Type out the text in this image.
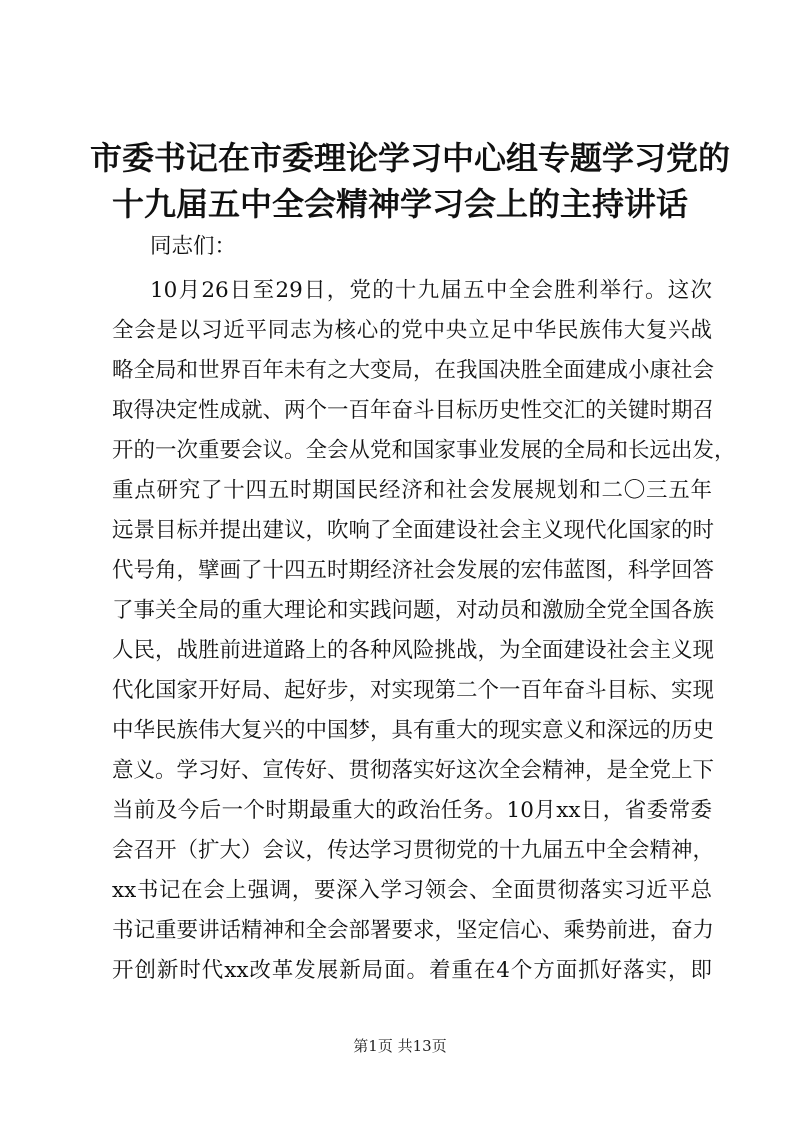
市委书记在市委理论学习中心组专题学习党的
十九届五中全会精神学习会上的主持讲话
同志们：
10月26日至29日，党的十九届五中全会胜利举行。这次
全会是以习近平同志为核心的党中央立足中华民族伟大复兴战
略全局和世界百年未有之大变局，在我国决胜全面建成小康社会
取得决定性成就、两个一百年奋斗目标历史性交汇的关键时期召
开的一次重要会议。全会从党和国家事业发展的全局和长远出发，
重点研究了十四五时期国民经济和社会发展规划和二〇三五年
远景目标并提出建议，吹响了全面建设社会主义现代化国家的时
代号角，擘画了十四五时期经济社会发展的宏伟蓝图，科学回答
了事关全局的重大理论和实践问题，对动员和激励全党全国各族
人民，战胜前进道路上的各种风险挑战，为全面建设社会主义现
代化国家开好局、起好步，对实现第二个一百年奋斗目标、实现
中华民族伟大复兴的中国梦，具有重大的现实意义和深远的历史
意义。学习好、宣传好、贯彻落实好这次全会精神，是全党上下
当前及今后一个时期最重大的政治任务。10月xx日，省委常委
会召开（扩大）会议，传达学习贯彻党的十九届五中全会精神，
xx书记在会上强调，要深入学习领会、全面贯彻落实习近平总
书记重要讲话精神和全会部署要求，坚定信心、乘势前进，奋力
开创新时代xx改革发展新局面。着重在4个方面抓好落实，即
第1页 共13页
